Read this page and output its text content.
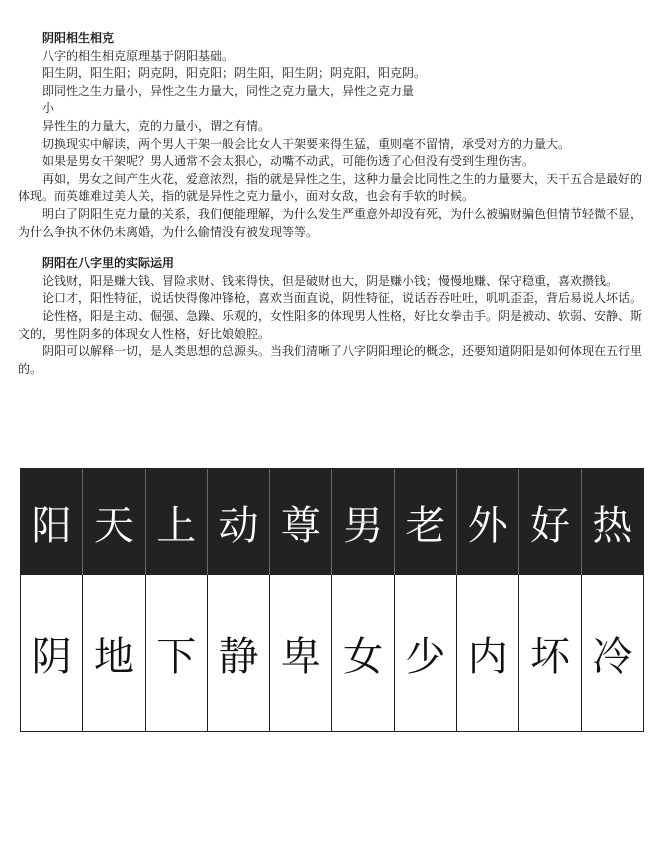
阴阳相生相克

八字的相生相克原理基于阴阳基础。

阳生阴，阳生阳；阴克阴，阳克阳；阴生阳，阳生阴；阴克阳，阳克阴。

即同性之生力量小，异性之生力量大，同性之克力量大，异性之克力量

小

异性生的力量大，克的力量小，谓之有情。

切换现实中解读，两个男人干架一般会比女人干架要来得生猛，重则毫不留情，承受对方的力量大。

如果是男女干架呢？男人通常不会太狠心，动嘴不动武，可能伤透了心但没有受到生理伤害。

再如，男女之间产生火花，爱意浓烈，指的就是异性之生，这种力量会比同性之生的力量要大，天干五合是最好的体现。而英雄难过美人关，指的就是异性之克力量小，面对女敌，也会有手软的时候。

明白了阴阳生克力量的关系，我们便能理解，为什么发生严重意外却没有死，为什么被骗财骗色但情节轻微不显，为什么争执不休仍未离婚，为什么偷情没有被发现等等。

阴阳在八字里的实际运用

论钱财，阳是赚大钱、冒险求财、钱来得快，但是破财也大，阴是赚小钱；慢慢地赚、保守稳重，喜欢攒钱。

论口才，阳性特征，说话快得像冲锋枪，喜欢当面直说，阴性特征，说话吞吞吐吐，叽叽歪歪，背后易说人坏话。

论性格，阳是主动、倔强、急躁、乐观的，女性阳多的体现男人性格，好比女拳击手。阴是被动、软弱、安静、斯文的，男性阴多的体现女人性格，好比娘娘腔。

阴阳可以解释一切，是人类思想的总源头。当我们清晰了八字阴阳理论的概念，还要知道阴阳是如何体现在五行里的。

阳 天 上 动 尊 男 老 外 好 热
阴 地 下 静 卑 女 少 内 坏 冷
